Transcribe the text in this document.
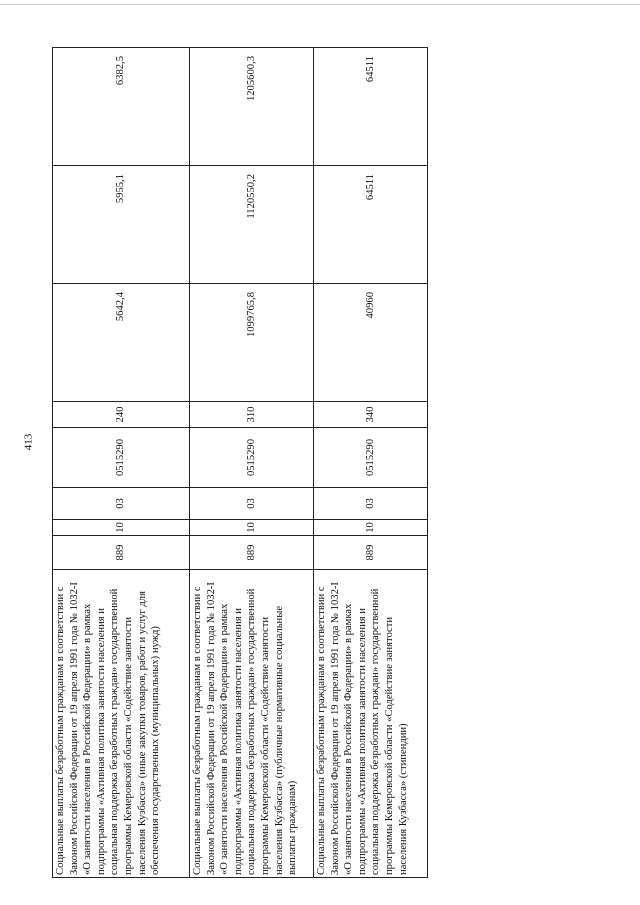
413
Социальные выплаты безработным гражданам в соответствии с Законом Российской Федерации от 19 апреля 1991 года № 1032-I «О занятости населения в Российской Федерации» в рамках подпрограммы «Активная политика занятости населения и социальная поддержка безработных граждан» государственной программы Кемеровской области «Содействие занятости населения Кузбасса» (иные закупки товаров, работ и услуг для обеспечения государственных (муниципальных) нужд)	889	10	03	0515290	240	5642,4	5955,1	6382,5
Социальные выплаты безработным гражданам в соответствии с Законом Российской Федерации от 19 апреля 1991 года № 1032-I «О занятости населения в Российской Федерации» в рамках подпрограммы «Активная политика занятости населения и социальная поддержка безработных граждан» государственной программы Кемеровской области «Содействие занятости населения Кузбасса» (публичные нормативные социальные выплаты гражданам)	889	10	03	0515290	310	1099765,8	1120550,2	1205600,3
Социальные выплаты безработным гражданам в соответствии с Законом Российской Федерации от 19 апреля 1991 года № 1032-I «О занятости населения в Российской Федерации» в рамках подпрограммы «Активная политика занятости населения и социальная поддержка безработных граждан» государственной программы Кемеровской области «Содействие занятости населения Кузбасса» (стипендии)	889	10	03	0515290	340	40960	64511	64511
